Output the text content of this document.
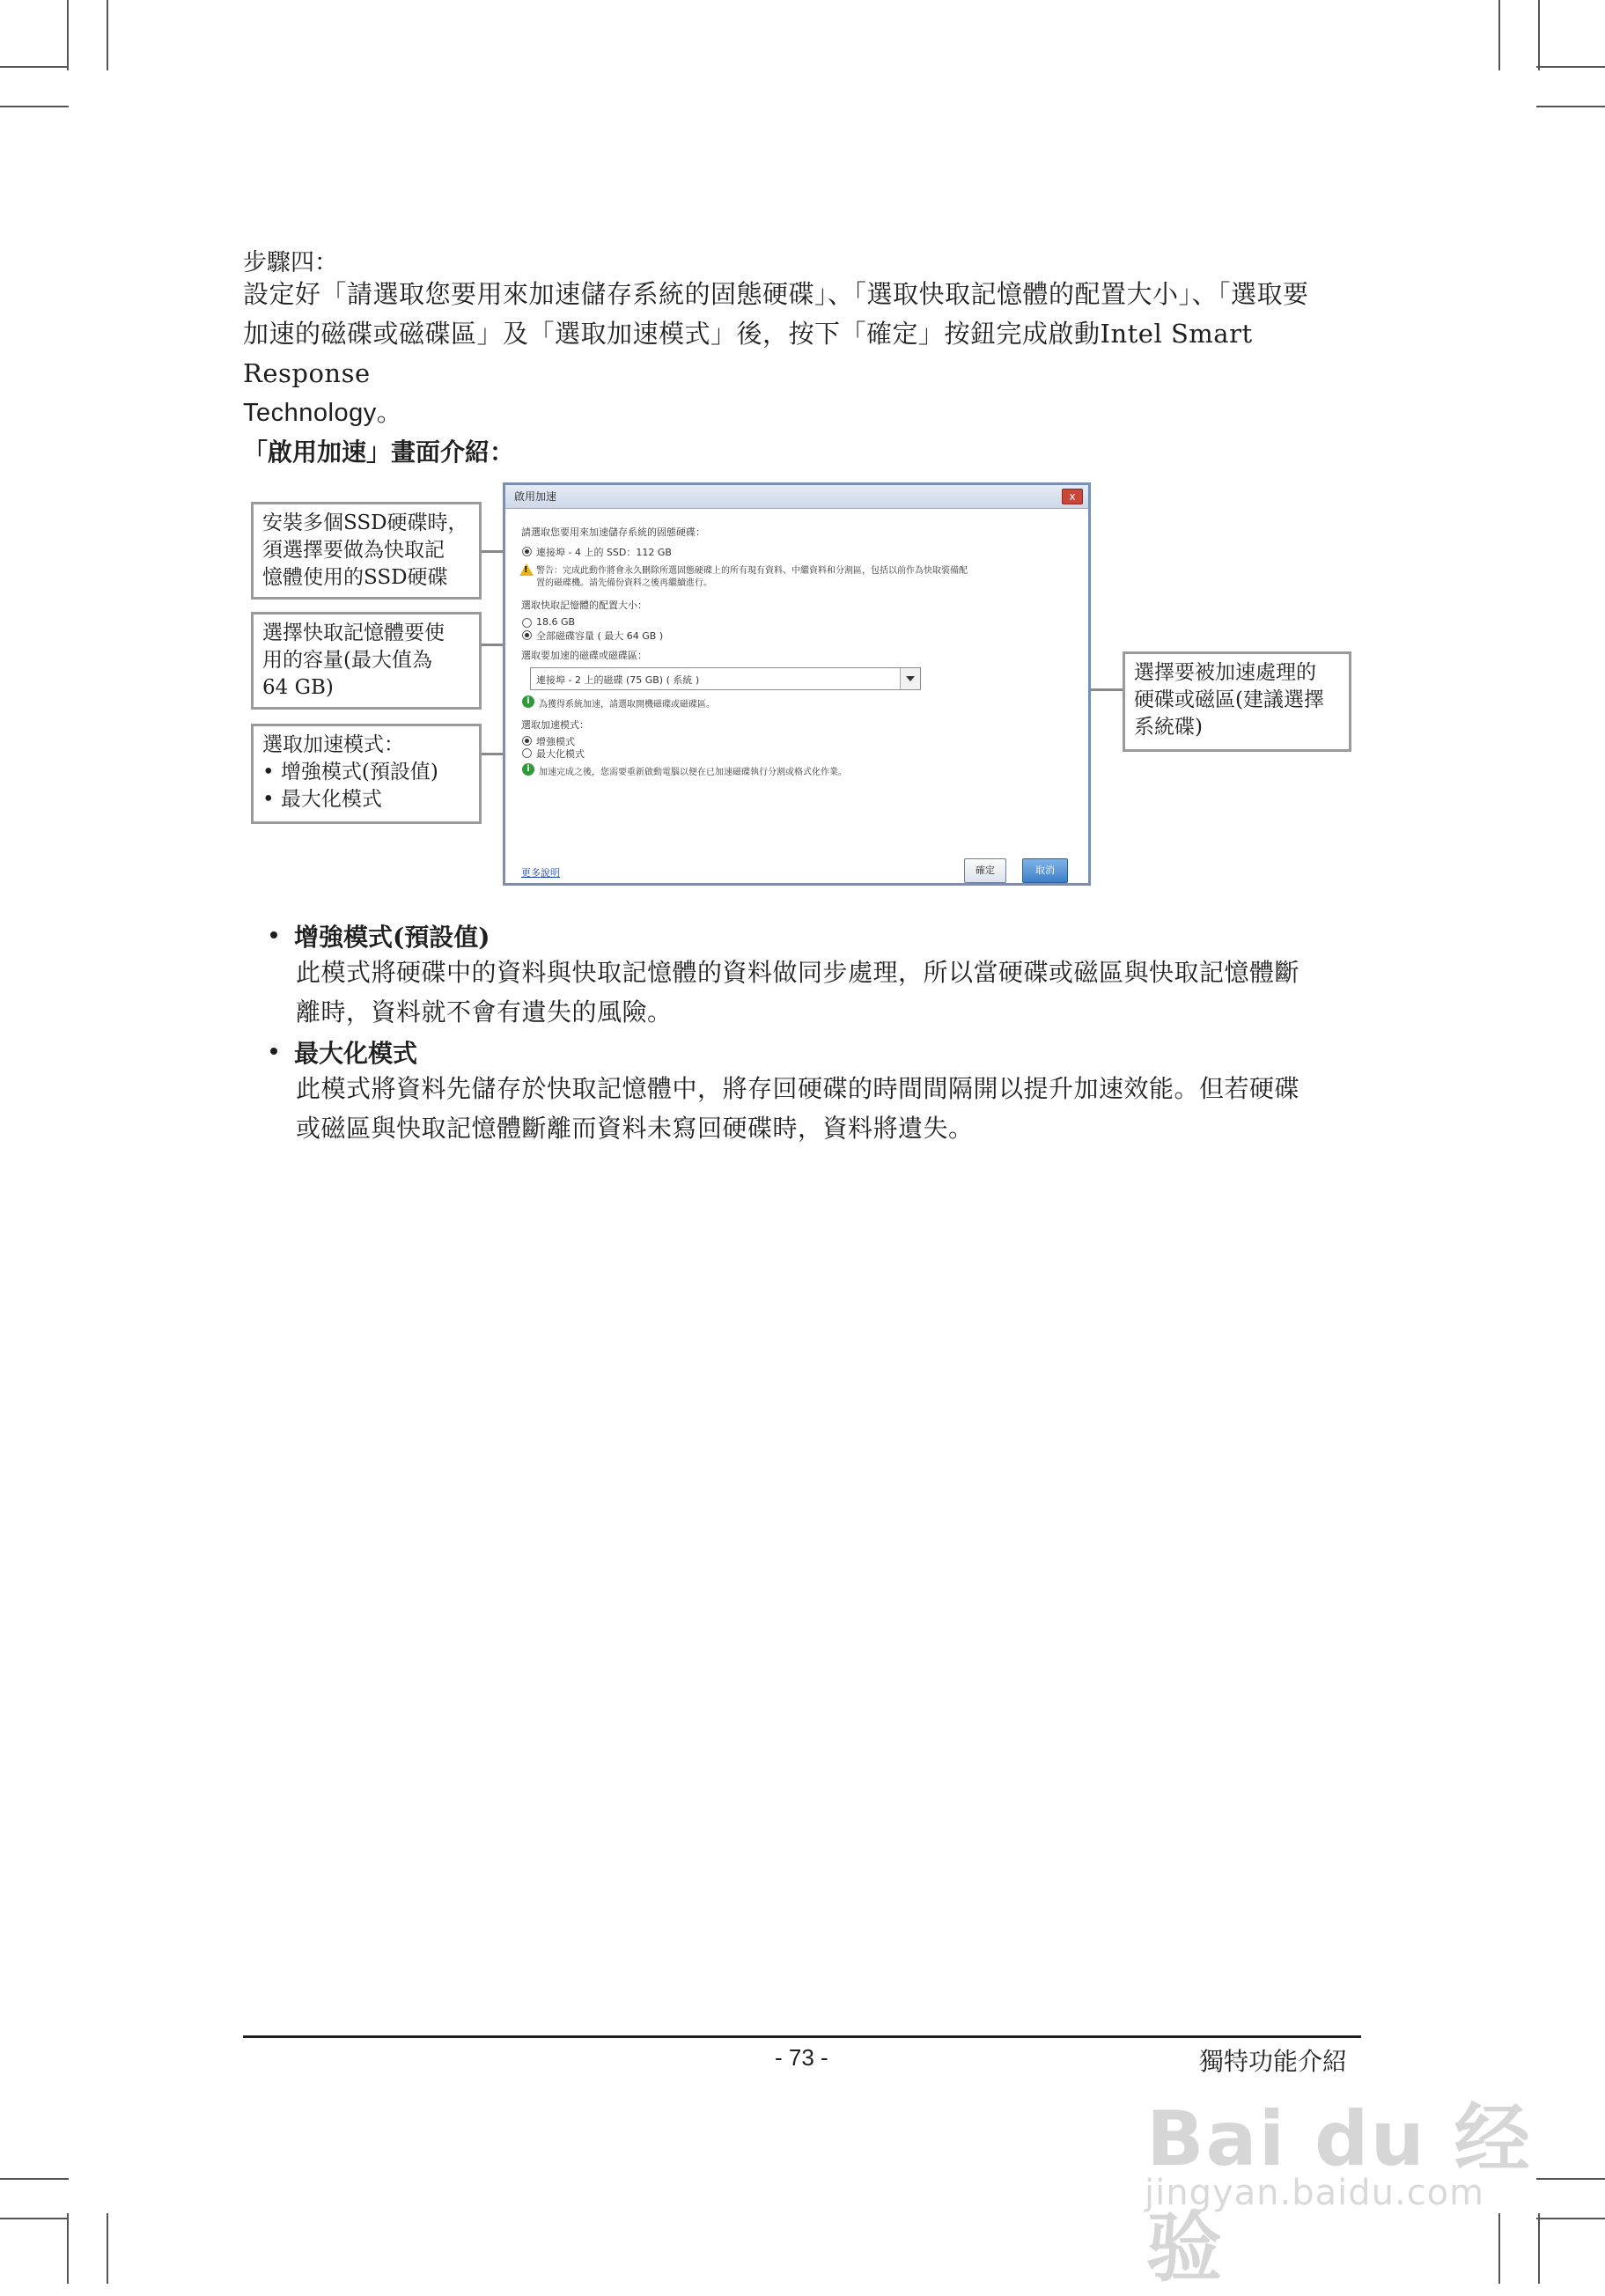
步驟四：
設定好「請選取您要用來加速儲存系統的固態硬碟」、「選取快取記憶體的配置大小」、「選取要
加速的磁碟或磁碟區」及「選取加速模式」後，按下「確定」按鈕完成啟動Intel Smart Response
Technology。
「啟用加速」畫面介紹：
安裝多個SSD硬碟時，
須選擇要做為快取記
憶體使用的SSD硬碟
選擇快取記憶體要使
用的容量(最大值為
64 GB)
選取加速模式：
• 增強模式(預設值)
• 最大化模式
選擇要被加速處理的
硬碟或磁區(建議選擇
系統碟)
啟用加速	x
請選取您要用來加速儲存系統的固態硬碟：
連接埠 - 4 上的 SSD：112 GB
! 警告：完成此動作將會永久刪除所選固態硬碟上的所有現有資料、中繼資料和分割區，包括以前作為快取裝備配
置的磁碟機。請先備份資料之後再繼續進行。
選取快取記憶體的配置大小：
18.6 GB
全部磁碟容量 ( 最大 64 GB )
選取要加速的磁碟或磁碟區：
連接埠 - 2 上的磁碟 (75 GB) ( 系統 )
i	為獲得系統加速，請選取開機磁碟或磁碟區。
選取加速模式：
增強模式
最大化模式
i	加速完成之後，您需要重新啟動電腦以便在已加速磁碟執行分割或格式化作業。
更多說明	確定	取消
增強模式(預設值)
此模式將硬碟中的資料與快取記憶體的資料做同步處理，所以當硬碟或磁區與快取記憶體斷
離時，資料就不會有遺失的風險。
最大化模式
此模式將資料先儲存於快取記憶體中，將存回硬碟的時間間隔開以提升加速效能。但若硬碟
或磁區與快取記憶體斷離而資料未寫回硬碟時，資料將遺失。
- 73 -	獨特功能介紹
Bai du 经验
jingyan.baidu.com
